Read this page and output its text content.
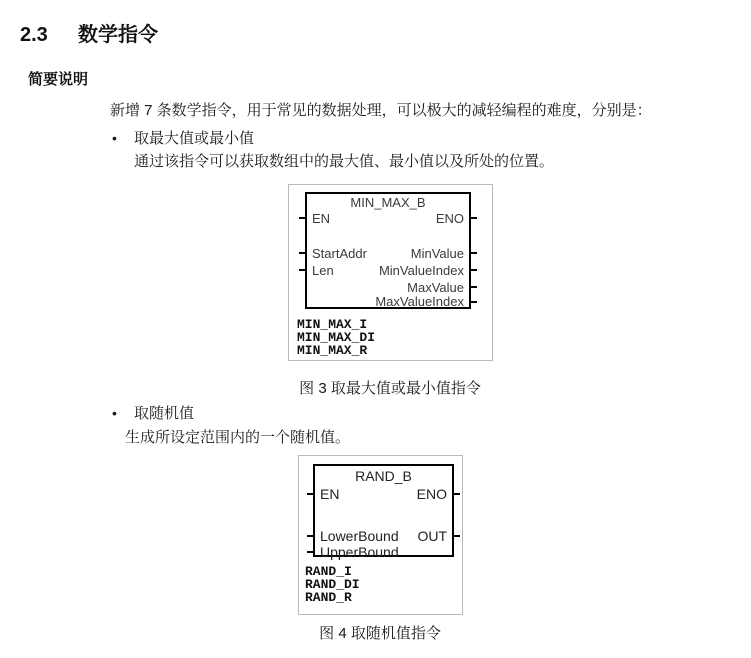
2.3 数学指令
简要说明
新增 7 条数学指令，用于常见的数据处理，可以极大的减轻编程的难度，分别是：
• 取最大值或最小值
通过该指令可以获取数组中的最大值、最小值以及所处的位置。
MIN_MAX_B
EN
StartAddr
Len
ENO
MinValue
MinValueIndex
MaxValue
MaxValueIndex
MIN_MAX_I
MIN_MAX_DI
MIN_MAX_R
图 3 取最大值或最小值指令
• 取随机值
生成所设定范围内的一个随机值。
RAND_B
EN
LowerBound
UpperBound
ENO
OUT
RAND_I
RAND_DI
RAND_R
图 4 取随机值指令
